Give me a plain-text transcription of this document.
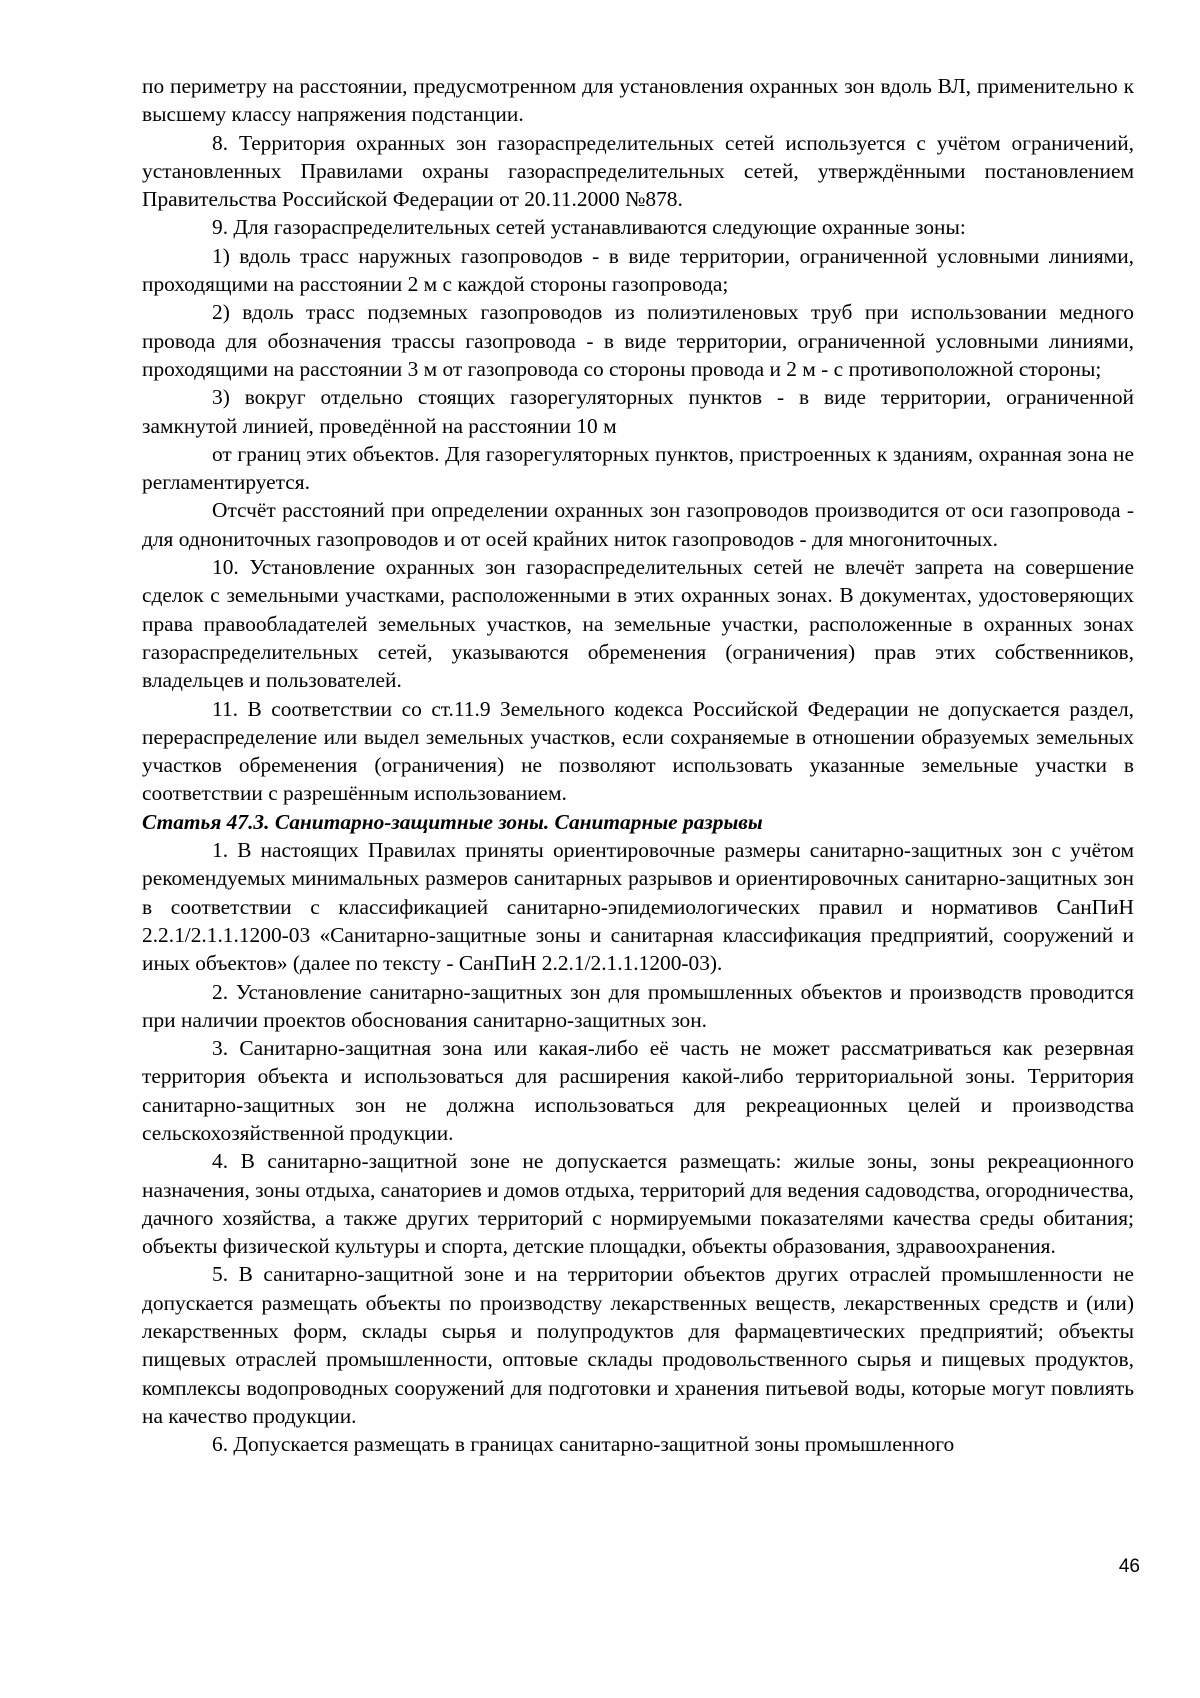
по периметру на расстоянии, предусмотренном для установления охранных зон вдоль ВЛ, применительно к высшему классу напряжения подстанции.

8. Территория охранных зон газораспределительных сетей используется с учётом ограничений, установленных Правилами охраны газораспределительных сетей, утверждёнными постановлением Правительства Российской Федерации от 20.11.2000 №878.

9. Для газораспределительных сетей устанавливаются следующие охранные зоны:

1) вдоль трасс наружных газопроводов - в виде территории, ограниченной условными линиями, проходящими на расстоянии 2 м с каждой стороны газопровода;

2) вдоль трасс подземных газопроводов из полиэтиленовых труб при использовании медного провода для обозначения трассы газопровода - в виде территории, ограниченной условными линиями, проходящими на расстоянии 3 м от газопровода со стороны провода и 2 м - с противоположной стороны;

3) вокруг отдельно стоящих газорегуляторных пунктов - в виде территории, ограниченной замкнутой линией, проведённой на расстоянии 10 м

от границ этих объектов. Для газорегуляторных пунктов, пристроенных к зданиям, охранная зона не регламентируется.

Отсчёт расстояний при определении охранных зон газопроводов производится от оси газопровода - для однониточных газопроводов и от осей крайних ниток газопроводов - для многониточных.

10. Установление охранных зон газораспределительных сетей не влечёт запрета на совершение сделок с земельными участками, расположенными в этих охранных зонах. В документах, удостоверяющих права правообладателей земельных участков, на земельные участки, расположенные в охранных зонах газораспределительных сетей, указываются обременения (ограничения) прав этих собственников, владельцев и пользователей.

11. В соответствии со ст.11.9 Земельного кодекса Российской Федерации не допускается раздел, перераспределение или выдел земельных участков, если сохраняемые в отношении образуемых земельных участков обременения (ограничения) не позволяют использовать указанные земельные участки в соответствии с разрешённым использованием.

Статья 47.3. Санитарно-защитные зоны. Санитарные разрывы

1. В настоящих Правилах приняты ориентировочные размеры санитарно-защитных зон с учётом рекомендуемых минимальных размеров санитарных разрывов и ориентировочных санитарно-защитных зон в соответствии с классификацией санитарно-эпидемиологических правил и нормативов СанПиН 2.2.1/2.1.1.1200-03 «Санитарно-защитные зоны и санитарная классификация предприятий, сооружений и иных объектов» (далее по тексту - СанПиН 2.2.1/2.1.1.1200-03).

2. Установление санитарно-защитных зон для промышленных объектов и производств проводится при наличии проектов обоснования санитарно-защитных зон.

3. Санитарно-защитная зона или какая-либо её часть не может рассматриваться как резервная территория объекта и использоваться для расширения какой-либо территориальной зоны. Территория санитарно-защитных зон не должна использоваться для рекреационных целей и производства сельскохозяйственной продукции.

4. В санитарно-защитной зоне не допускается размещать: жилые зоны, зоны рекреационного назначения, зоны отдыха, санаториев и домов отдыха, территорий для ведения садоводства, огородничества, дачного хозяйства, а также других территорий с нормируемыми показателями качества среды обитания; объекты физической культуры и спорта, детские площадки, объекты образования, здравоохранения.

5. В санитарно-защитной зоне и на территории объектов других отраслей промышленности не допускается размещать объекты по производству лекарственных веществ, лекарственных средств и (или) лекарственных форм, склады сырья и полупродуктов для фармацевтических предприятий; объекты пищевых отраслей промышленности, оптовые склады продовольственного сырья и пищевых продуктов, комплексы водопроводных сооружений для подготовки и хранения питьевой воды, которые могут повлиять на качество продукции.

6. Допускается размещать в границах санитарно-защитной зоны промышленного

46
